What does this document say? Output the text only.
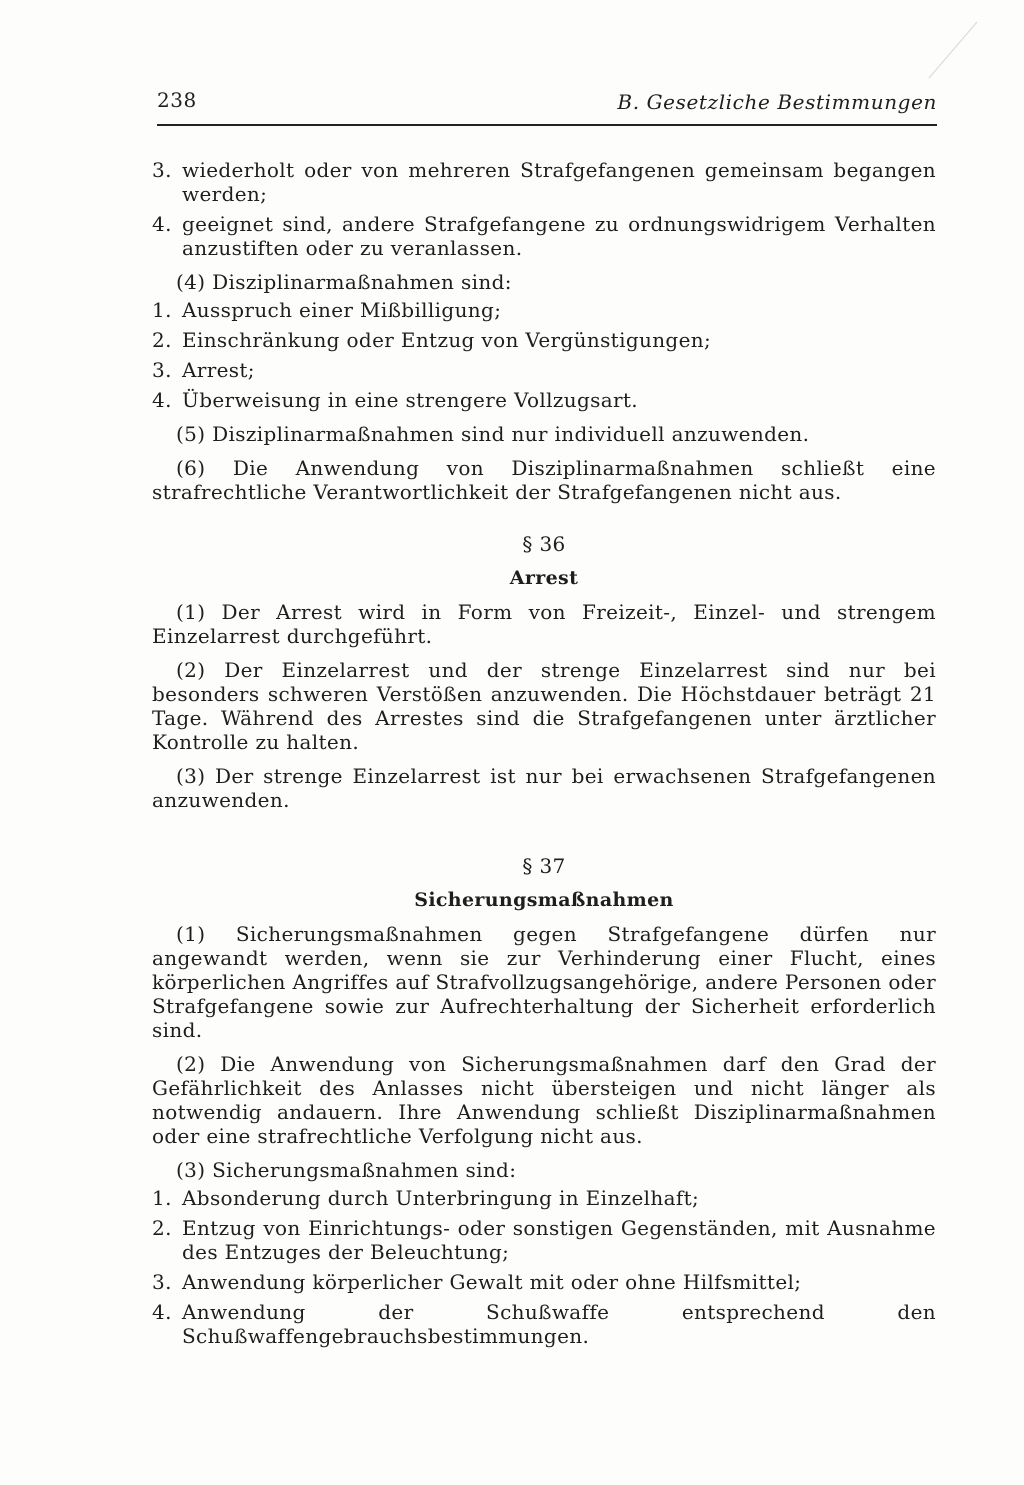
238	B. Gesetzliche Bestimmungen
3. wiederholt oder von mehreren Strafgefangenen gemeinsam begangen werden;
4. geeignet sind, andere Strafgefangene zu ordnungswidrigem Verhalten anzustiften oder zu veranlassen.
(4) Disziplinarmaßnahmen sind:
1. Ausspruch einer Mißbilligung;
2. Einschränkung oder Entzug von Vergünstigungen;
3. Arrest;
4. Überweisung in eine strengere Vollzugsart.
(5) Disziplinarmaßnahmen sind nur individuell anzuwenden.
(6) Die Anwendung von Disziplinarmaßnahmen schließt eine strafrechtliche Verantwortlichkeit der Strafgefangenen nicht aus.
§ 36
Arrest
(1) Der Arrest wird in Form von Freizeit-, Einzel- und strengem Einzelarrest durchgeführt.
(2) Der Einzelarrest und der strenge Einzelarrest sind nur bei besonders schweren Verstößen anzuwenden. Die Höchstdauer beträgt 21 Tage. Während des Arrestes sind die Strafgefangenen unter ärztlicher Kontrolle zu halten.
(3) Der strenge Einzelarrest ist nur bei erwachsenen Strafgefangenen anzuwenden.
§ 37
Sicherungsmaßnahmen
(1) Sicherungsmaßnahmen gegen Strafgefangene dürfen nur angewandt werden, wenn sie zur Verhinderung einer Flucht, eines körperlichen Angriffes auf Strafvollzugsangehörige, andere Personen oder Strafgefangene sowie zur Aufrechterhaltung der Sicherheit erforderlich sind.
(2) Die Anwendung von Sicherungsmaßnahmen darf den Grad der Gefährlichkeit des Anlasses nicht übersteigen und nicht länger als notwendig andauern. Ihre Anwendung schließt Disziplinarmaßnahmen oder eine strafrechtliche Verfolgung nicht aus.
(3) Sicherungsmaßnahmen sind:
1. Absonderung durch Unterbringung in Einzelhaft;
2. Entzug von Einrichtungs- oder sonstigen Gegenständen, mit Ausnahme des Entzuges der Beleuchtung;
3. Anwendung körperlicher Gewalt mit oder ohne Hilfsmittel;
4. Anwendung der Schußwaffe entsprechend den Schußwaffengebrauchsbestimmungen.
